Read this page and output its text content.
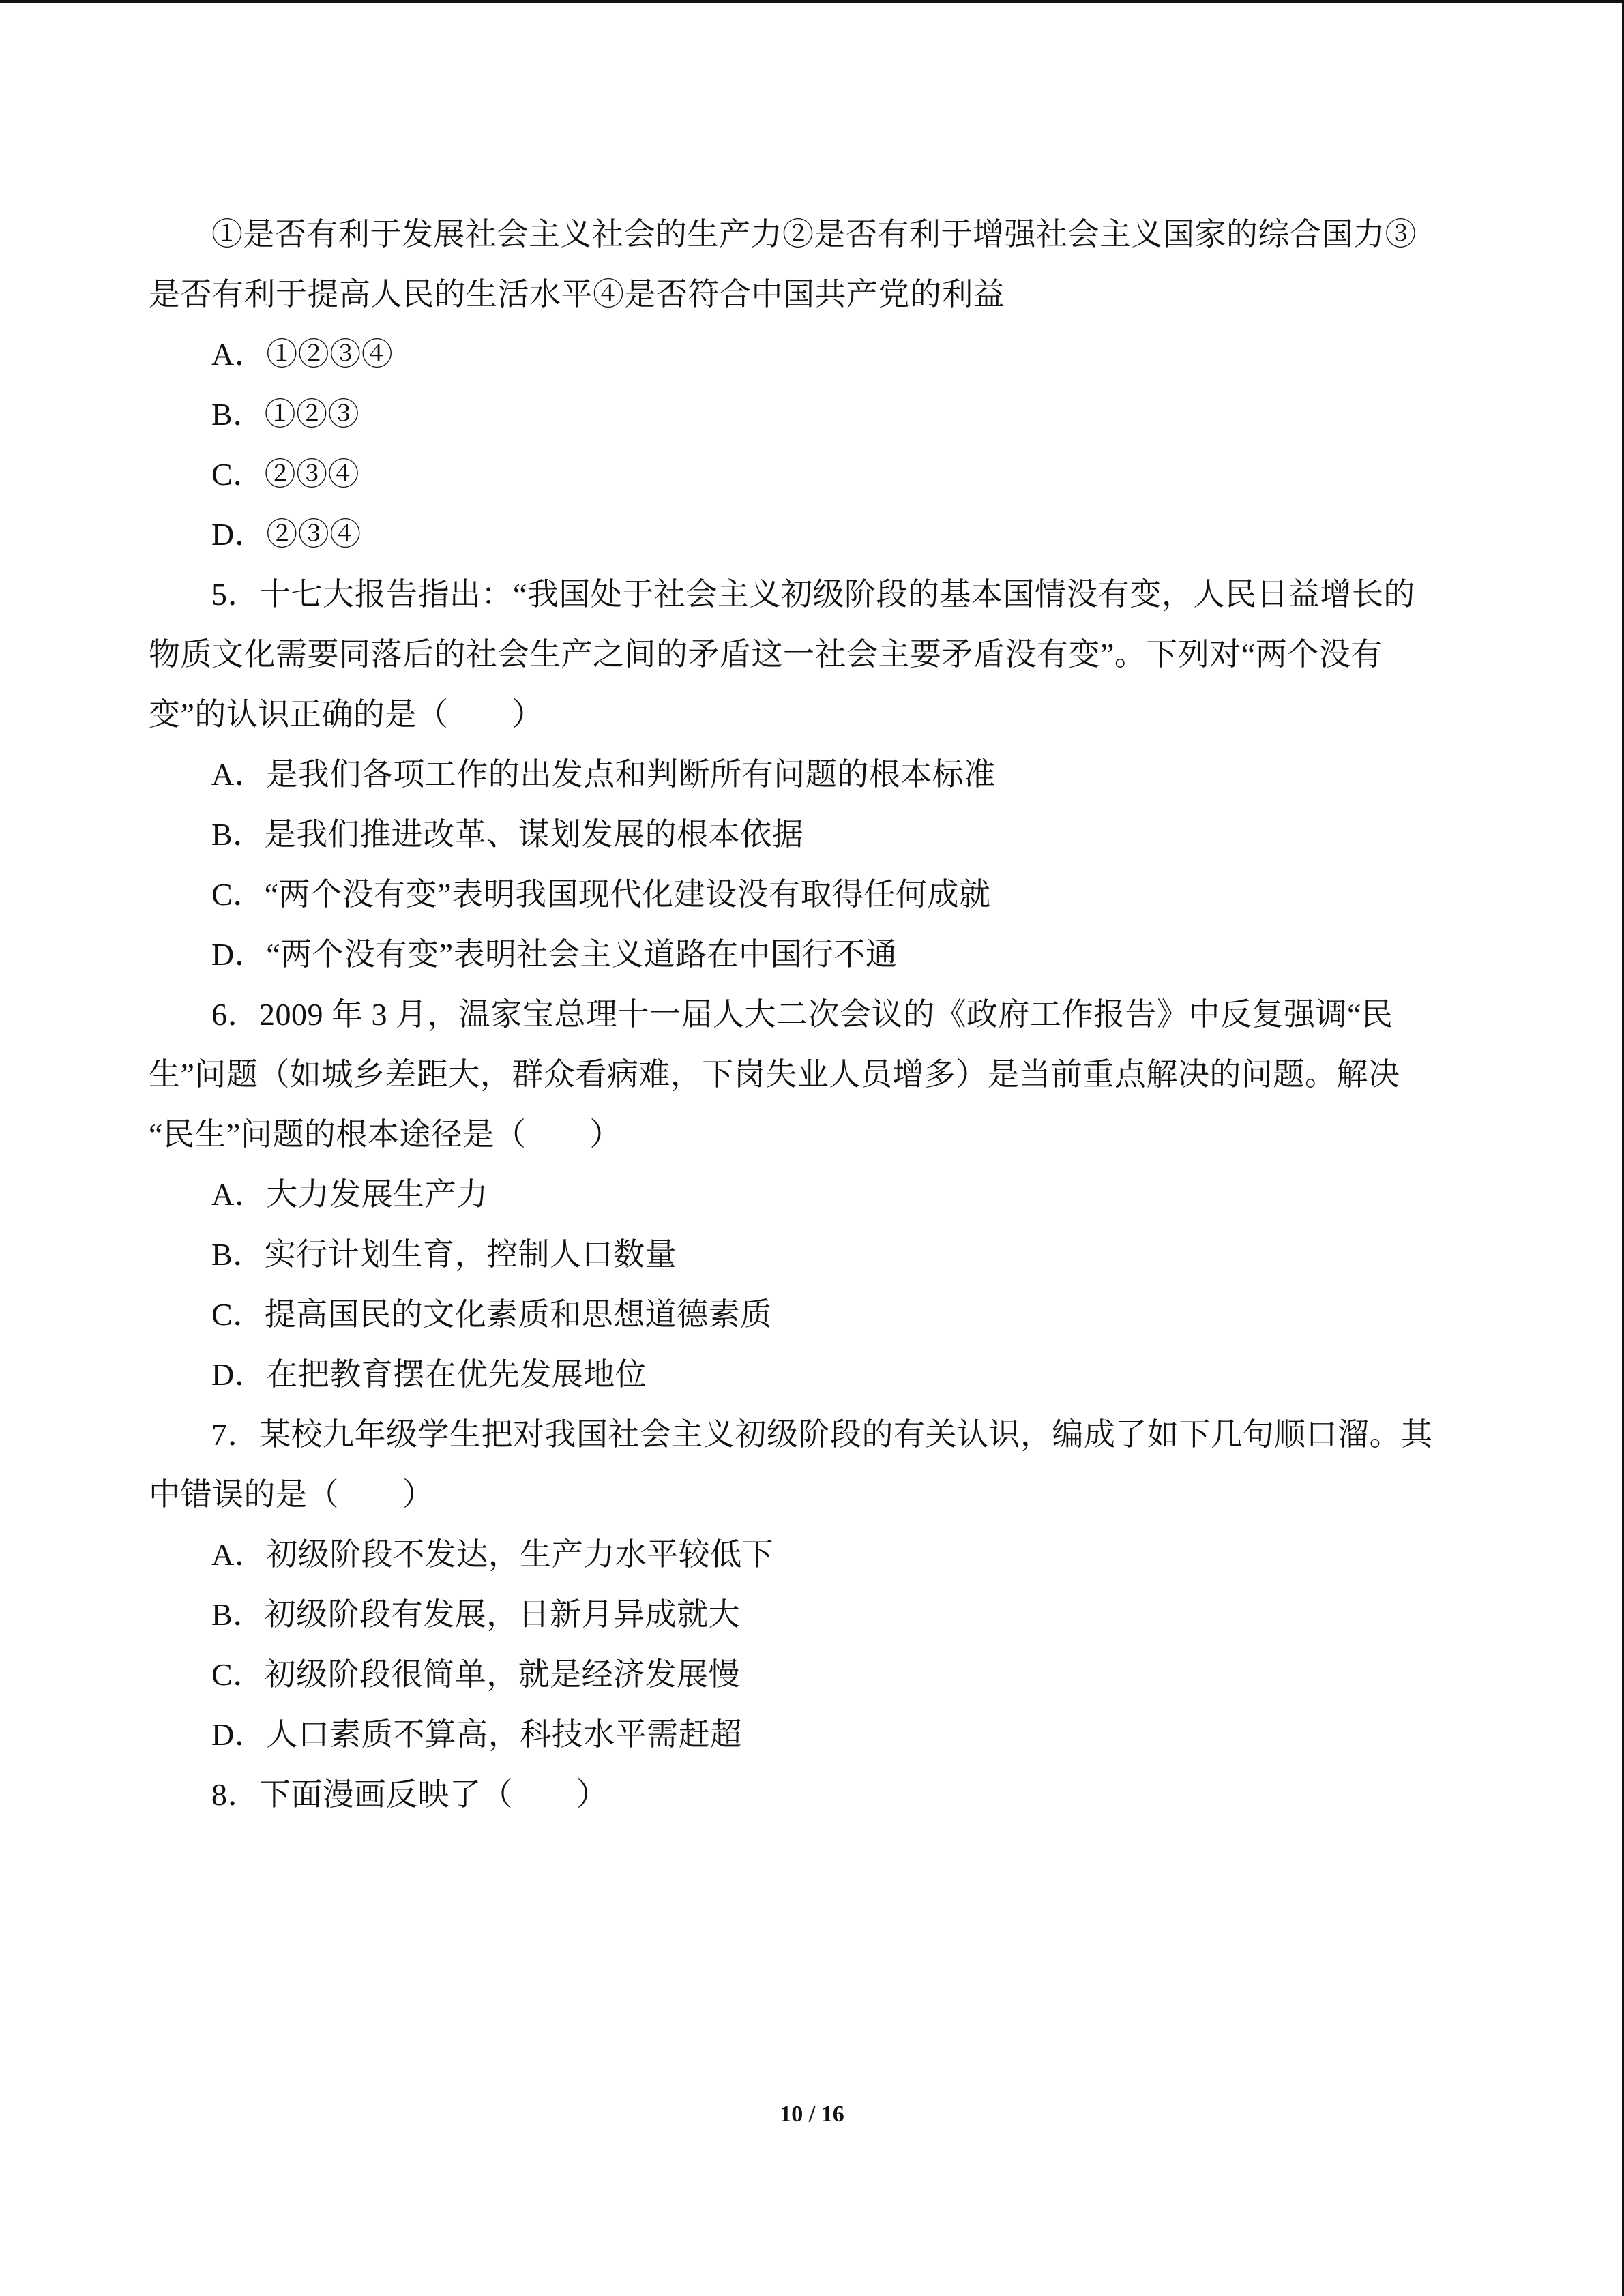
①是否有利于发展社会主义社会的生产力②是否有利于增强社会主义国家的综合国力③
是否有利于提高人民的生活水平④是否符合中国共产党的利益
A．①②③④
B．①②③
C．②③④
D．②③④
5．十七大报告指出：“我国处于社会主义初级阶段的基本国情没有变，人民日益增长的
物质文化需要同落后的社会生产之间的矛盾这一社会主要矛盾没有变”。下列对“两个没有
变”的认识正确的是（　　）
A．是我们各项工作的出发点和判断所有问题的根本标准
B．是我们推进改革、谋划发展的根本依据
C．“两个没有变”表明我国现代化建设没有取得任何成就
D．“两个没有变”表明社会主义道路在中国行不通
6．2009 年 3 月，温家宝总理十一届人大二次会议的《政府工作报告》中反复强调“民
生”问题（如城乡差距大，群众看病难，下岗失业人员增多）是当前重点解决的问题。解决
“民生”问题的根本途径是（　　）
A．大力发展生产力
B．实行计划生育，控制人口数量
C．提高国民的文化素质和思想道德素质
D．在把教育摆在优先发展地位
7．某校九年级学生把对我国社会主义初级阶段的有关认识，编成了如下几句顺口溜。其
中错误的是（　　）
A．初级阶段不发达，生产力水平较低下
B．初级阶段有发展，日新月异成就大
C．初级阶段很简单，就是经济发展慢
D．人口素质不算高，科技水平需赶超
8．下面漫画反映了（　　）
10 / 16
